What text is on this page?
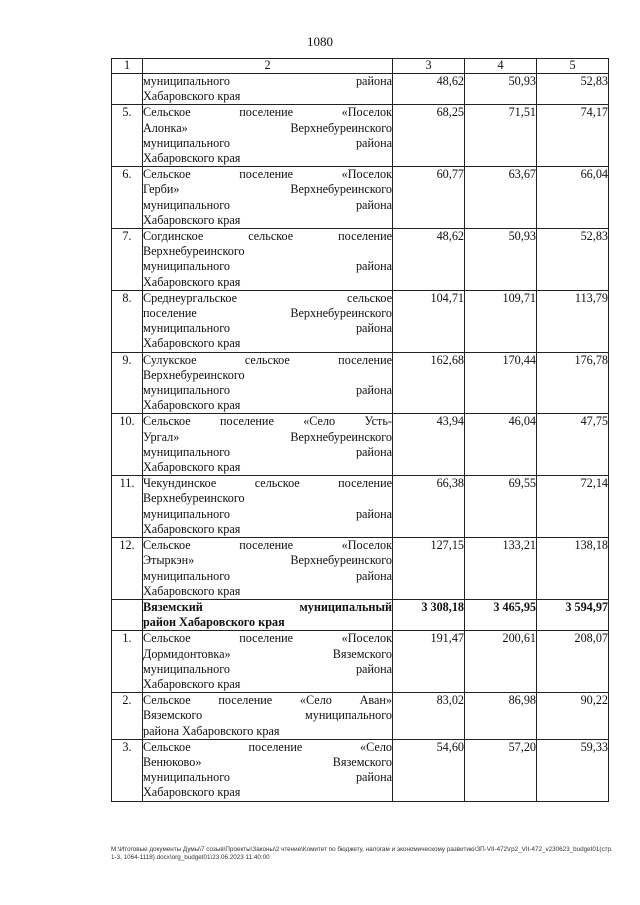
1080
1	2	3	4	5

	муниципального района
Хабаровского края	48,62	50,93	52,83
5.	Сельское поселение «Поселок
Алонка» Верхнебуреинского
муниципального района
Хабаровского края	68,25	71,51	74,17
6.	Сельское поселение «Поселок
Герби» Верхнебуреинского
муниципального района
Хабаровского края	60,77	63,67	66,04
7.	Согдинское сельское поселение
Верхнебуреинского
муниципального района
Хабаровского края	48,62	50,93	52,83
8.	Среднеургальское сельское
поселение Верхнебуреинского
муниципального района
Хабаровского края	104,71	109,71	113,79
9.	Сулукское сельское поселение
Верхнебуреинского
муниципального района
Хабаровского края	162,68	170,44	176,78
10.	Сельское поселение «Село Усть-
Ургал» Верхнебуреинского
муниципального района
Хабаровского края	43,94	46,04	47,75
11.	Чекундинское сельское поселение
Верхнебуреинского
муниципального района
Хабаровского края	66,38	69,55	72,14
12.	Сельское поселение «Поселок
Этыркэн» Верхнебуреинского
муниципального района
Хабаровского края	127,15	133,21	138,18

	Вяземский муниципальный
район Хабаровского края	3 308,18	3 465,95	3 594,97
1.	Сельское поселение «Поселок
Дормидонтовка» Вяземского
муниципального района
Хабаровского края	191,47	200,61	208,07
2.	Сельское поселение «Село Аван»
Вяземского муниципального
района Хабаровского края	83,02	86,98	90,22
3.	Сельское поселение «Село
Венюково» Вяземского
муниципального района
Хабаровского края	54,60	57,20	59,33
М:\Итоговые документы Думы\7 созыв\Проекты\Законы\2 чтение\Комитет по бюджету, налогам и экономическому развитию\ЗП-VII-472\гр2_VII-472_v230623_budget01(стр.1-3, 1064-1118).docx\org_budget01\23.06.2023 11:40:00
